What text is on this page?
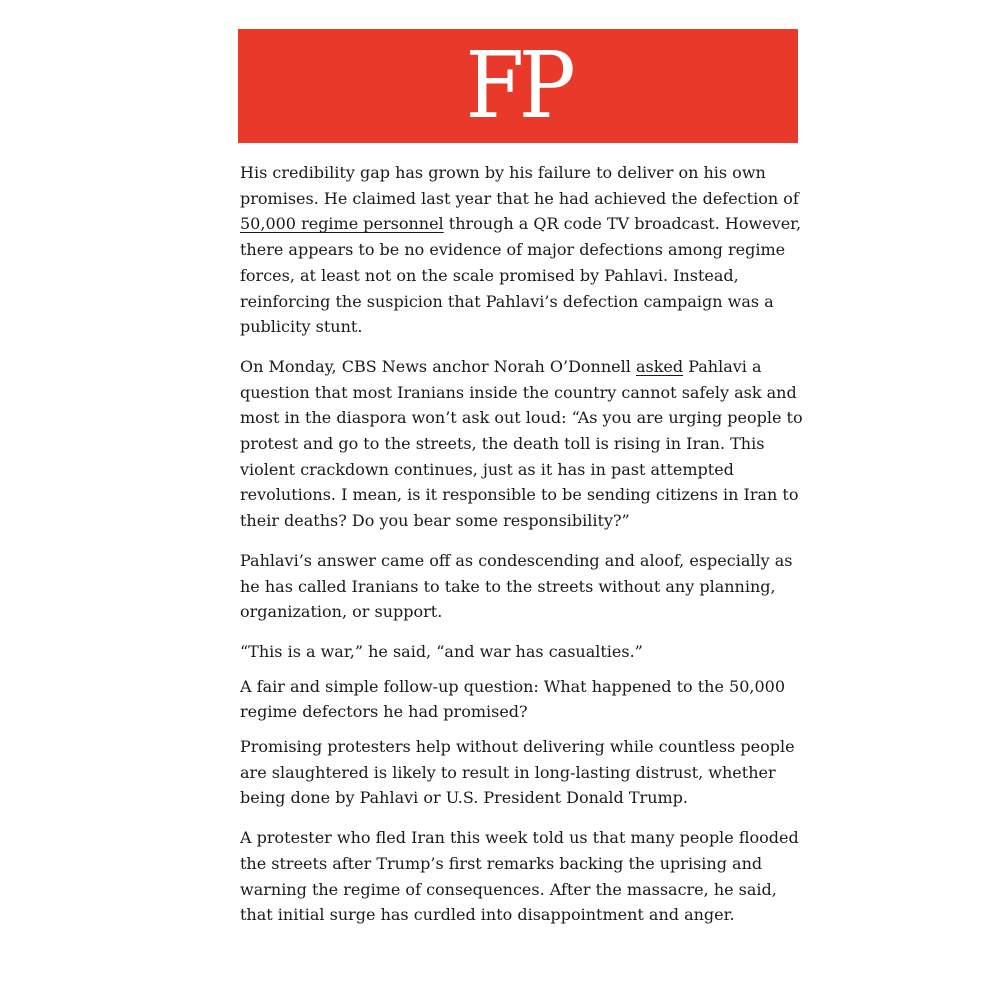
FP

His credibility gap has grown by his failure to deliver on his own promises. He claimed last year that he had achieved the defection of 50,000 regime personnel through a QR code TV broadcast. However, there appears to be no evidence of major defections among regime forces, at least not on the scale promised by Pahlavi. Instead, reinforcing the suspicion that Pahlavi’s defection campaign was a publicity stunt.

On Monday, CBS News anchor Norah O’Donnell asked Pahlavi a question that most Iranians inside the country cannot safely ask and most in the diaspora won’t ask out loud: “As you are urging people to protest and go to the streets, the death toll is rising in Iran. This violent crackdown continues, just as it has in past attempted revolutions. I mean, is it responsible to be sending citizens in Iran to their deaths? Do you bear some responsibility?”

Pahlavi’s answer came off as condescending and aloof, especially as he has called Iranians to take to the streets without any planning, organization, or support.

“This is a war,” he said, “and war has casualties.”

A fair and simple follow-up question: What happened to the 50,000 regime defectors he had promised?

Promising protesters help without delivering while countless people are slaughtered is likely to result in long-lasting distrust, whether being done by Pahlavi or U.S. President Donald Trump.

A protester who fled Iran this week told us that many people flooded the streets after Trump’s first remarks backing the uprising and warning the regime of consequences. After the massacre, he said, that initial surge has curdled into disappointment and anger.
